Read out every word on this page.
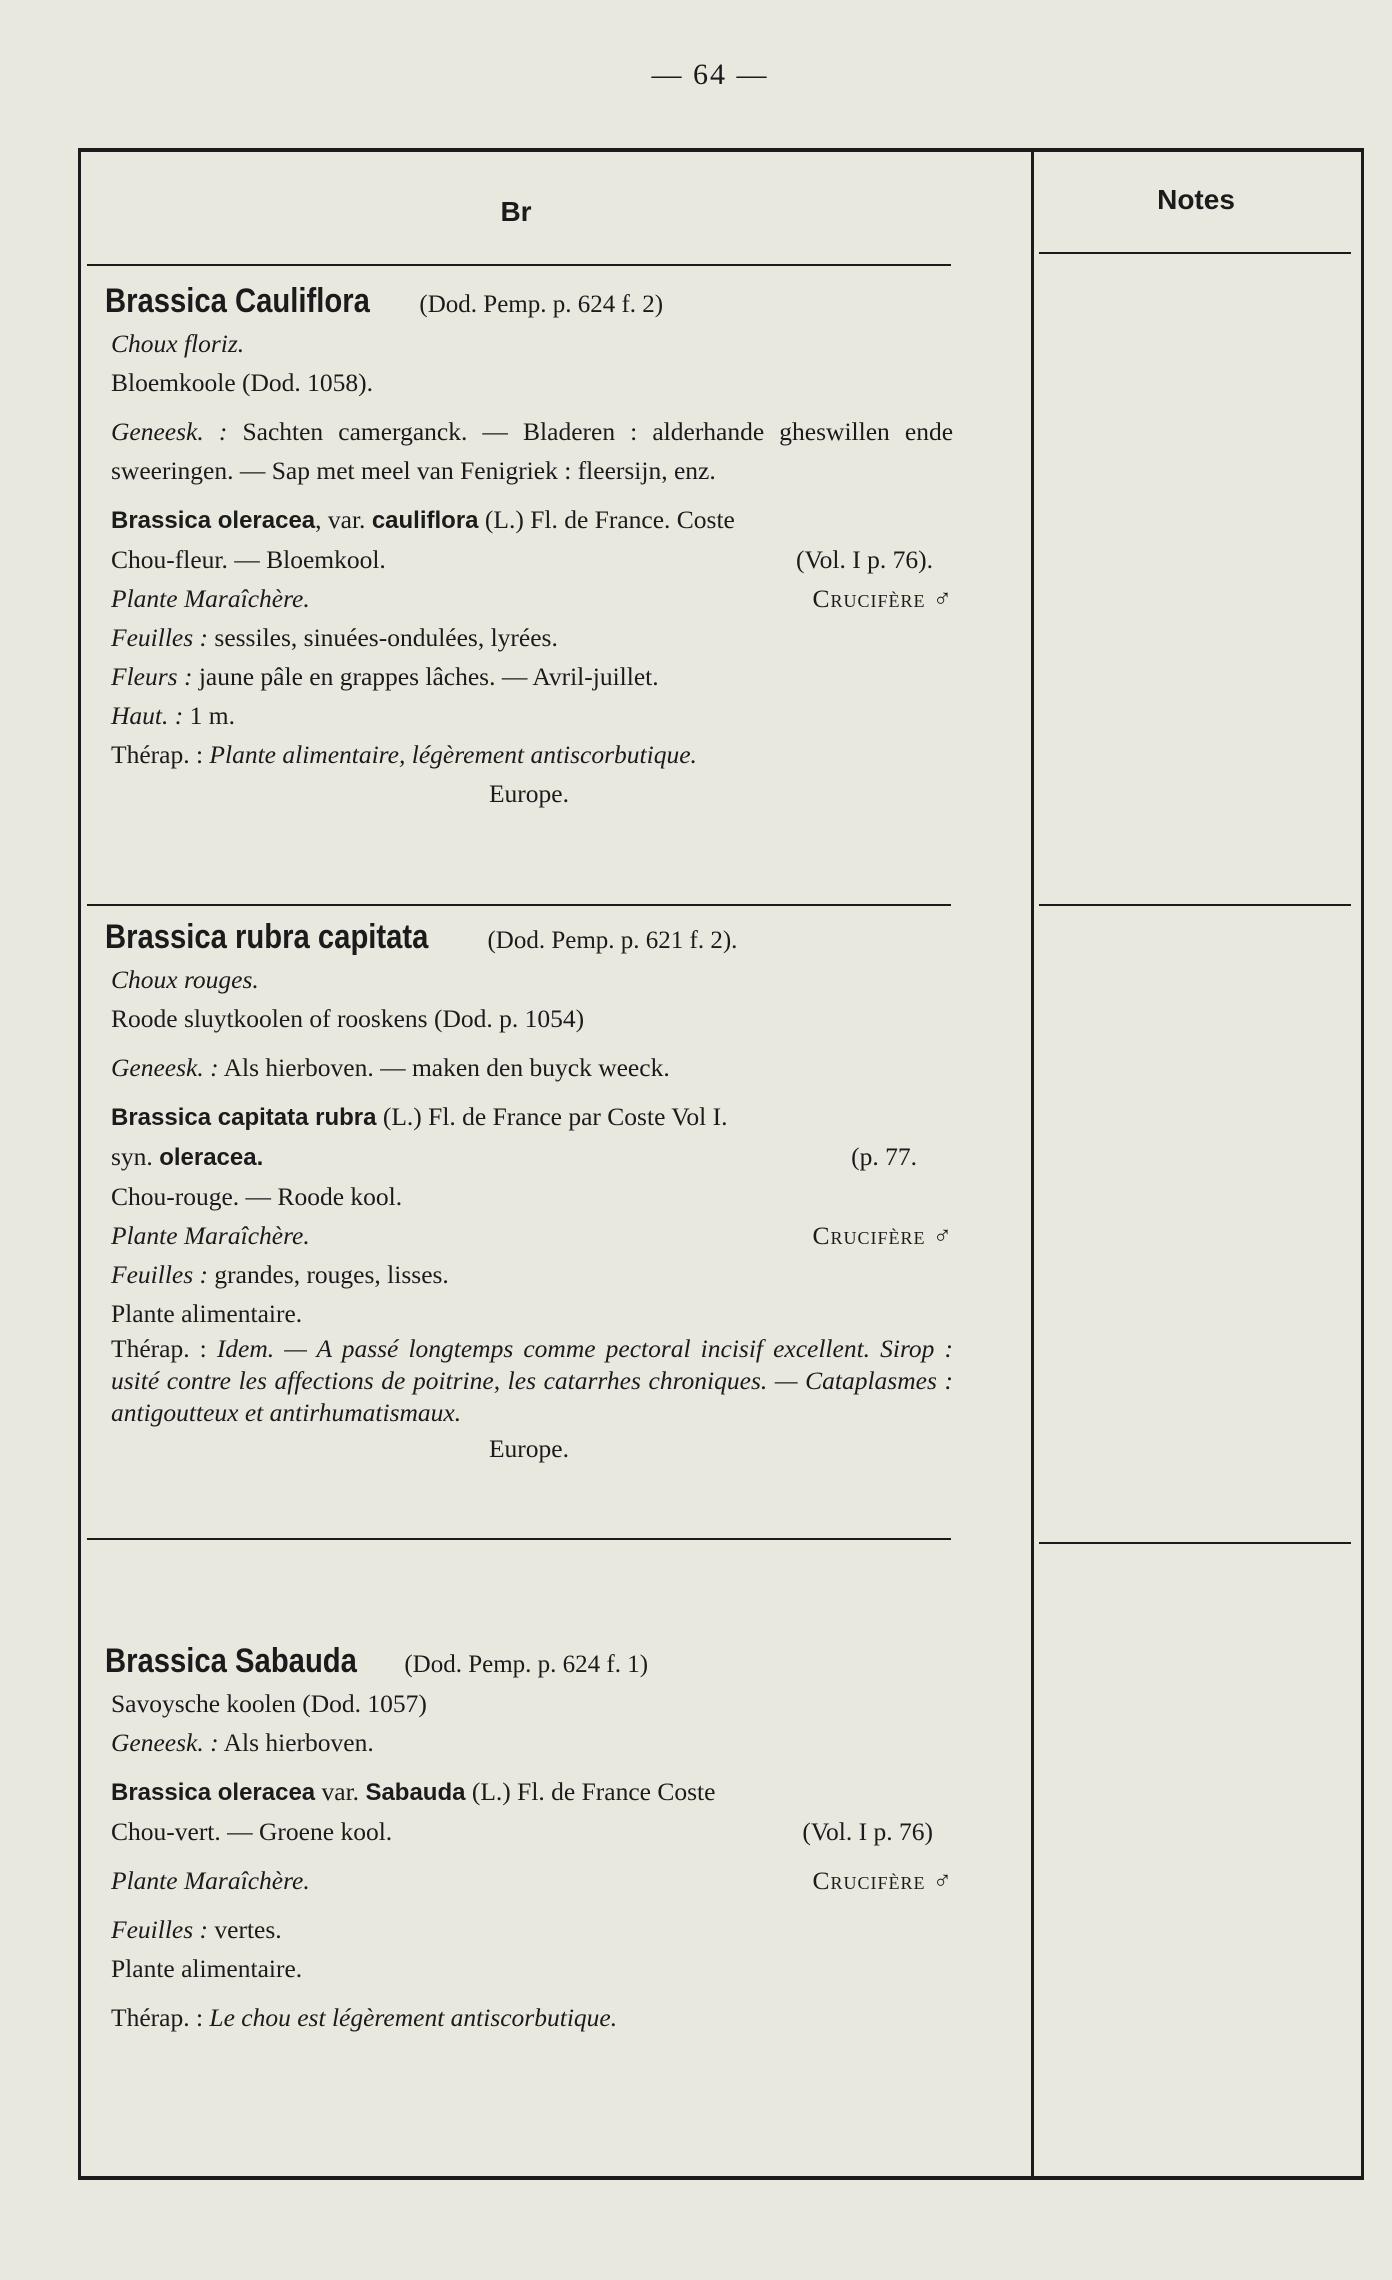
— 64 —
Br	Notes
Brassica Cauliflora (Dod. Pemp. p. 624 f. 2)
Choux floriz.
Bloemkoole (Dod. 1058).
Geneesk. : Sachten camerganck. — Bladeren : alderhande gheswillen ende sweeringen. — Sap met meel van Fenigriek : fleersijn, enz.
Brassica oleracea, var. cauliflora (L.) Fl. de France. Coste
Chou-fleur. — Bloemkool.	(Vol. I p. 76).
Plante Maraîchère.	Crucifère ♂
Feuilles : sessiles, sinuées-ondulées, lyrées.
Fleurs : jaune pâle en grappes lâches. — Avril-juillet.
Haut. : 1 m.
Thérap. : Plante alimentaire, légèrement antiscorbutique.
Europe.
Brassica rubra capitata (Dod. Pemp. p. 621 f. 2).
Choux rouges.
Roode sluytkoolen of rooskens (Dod. p. 1054)
Geneesk. : Als hierboven. — maken den buyck weeck.
Brassica capitata rubra (L.) Fl. de France par Coste Vol I.
syn. oleracea.	(p. 77.
Chou-rouge. — Roode kool.
Plante Maraîchère.	Crucifère ♂
Feuilles : grandes, rouges, lisses.
Plante alimentaire.
Thérap. : Idem. — A passé longtemps comme pectoral incisif excellent. Sirop : usité contre les affections de poitrine, les catarrhes chroniques. — Cataplasmes : antigoutteux et antirhumatismaux.
Europe.
Brassica Sabauda (Dod. Pemp. p. 624 f. 1)
Savoysche koolen (Dod. 1057)
Geneesk. : Als hierboven.
Brassica oleracea var. Sabauda (L.) Fl. de France Coste
Chou-vert. — Groene kool.	(Vol. I p. 76)
Plante Maraîchère.	Crucifère ♂
Feuilles : vertes.
Plante alimentaire.
Thérap. : Le chou est légèrement antiscorbutique.
